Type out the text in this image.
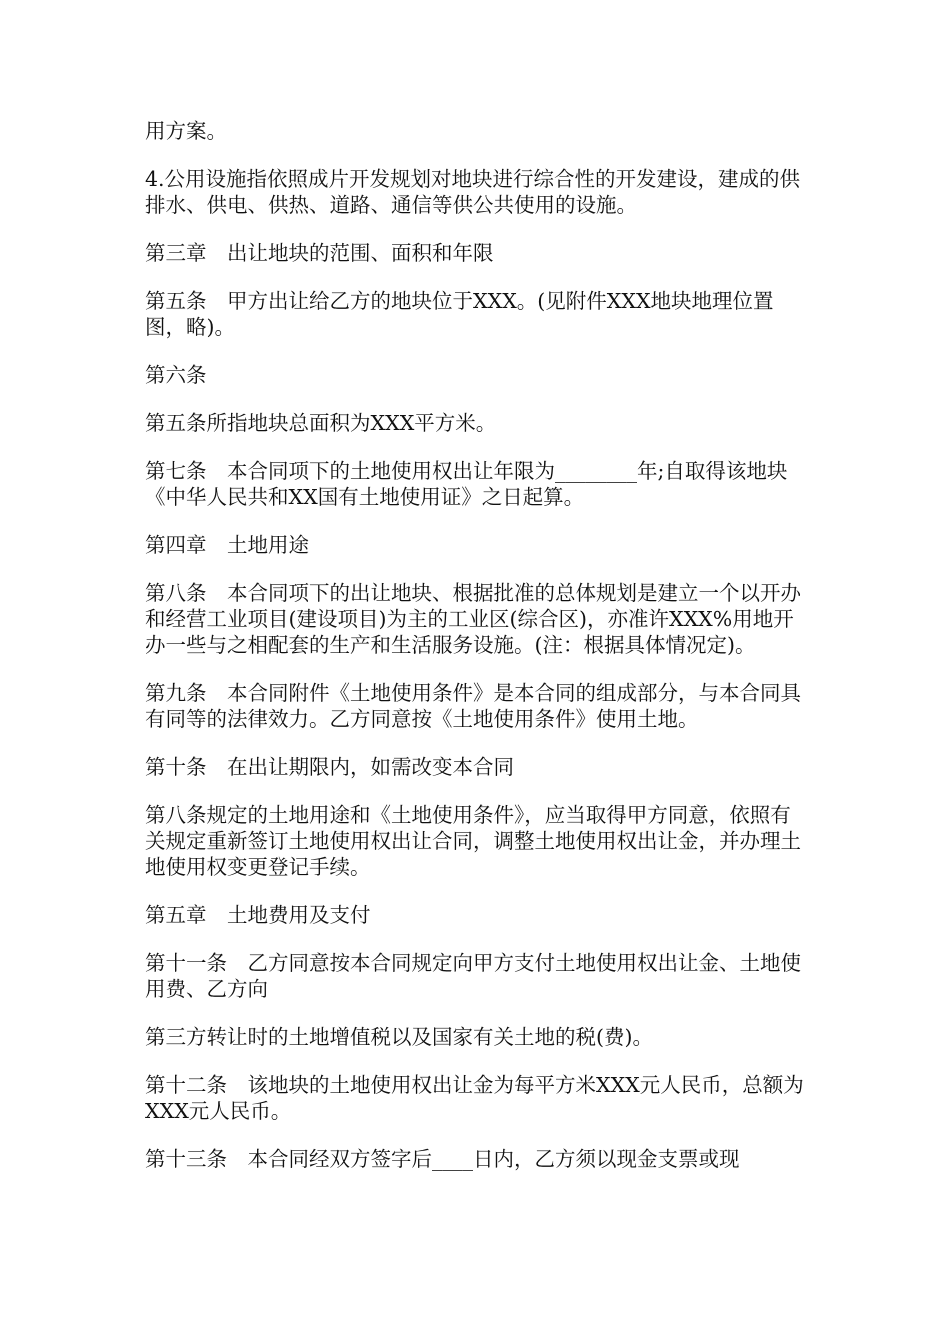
用方案。

4.公用设施指依照成片开发规划对地块进行综合性的开发建设，建成的供排水、供电、供热、道路、通信等供公共使用的设施。

第三章　出让地块的范围、面积和年限

第五条　甲方出让给乙方的地块位于XXX。(见附件XXX地块地理位置图，略)。

第六条

第五条所指地块总面积为XXX平方米。

第七条　本合同项下的土地使用权出让年限为________年;自取得该地块《中华人民共和XX国有土地使用证》之日起算。

第四章　土地用途

第八条　本合同项下的出让地块、根据批准的总体规划是建立一个以开办和经营工业项目(建设项目)为主的工业区(综合区)，亦准许XXX%用地开办一些与之相配套的生产和生活服务设施。(注：根据具体情况定)。

第九条　本合同附件《土地使用条件》是本合同的组成部分，与本合同具有同等的法律效力。乙方同意按《土地使用条件》使用土地。

第十条　在出让期限内，如需改变本合同

第八条规定的土地用途和《土地使用条件》，应当取得甲方同意，依照有关规定重新签订土地使用权出让合同，调整土地使用权出让金，并办理土地使用权变更登记手续。

第五章　土地费用及支付

第十一条　乙方同意按本合同规定向甲方支付土地使用权出让金、土地使用费、乙方向

第三方转让时的土地增值税以及国家有关土地的税(费)。

第十二条　该地块的土地使用权出让金为每平方米XXX元人民币，总额为XXX元人民币。

第十三条　本合同经双方签字后____日内，乙方须以现金支票或现
